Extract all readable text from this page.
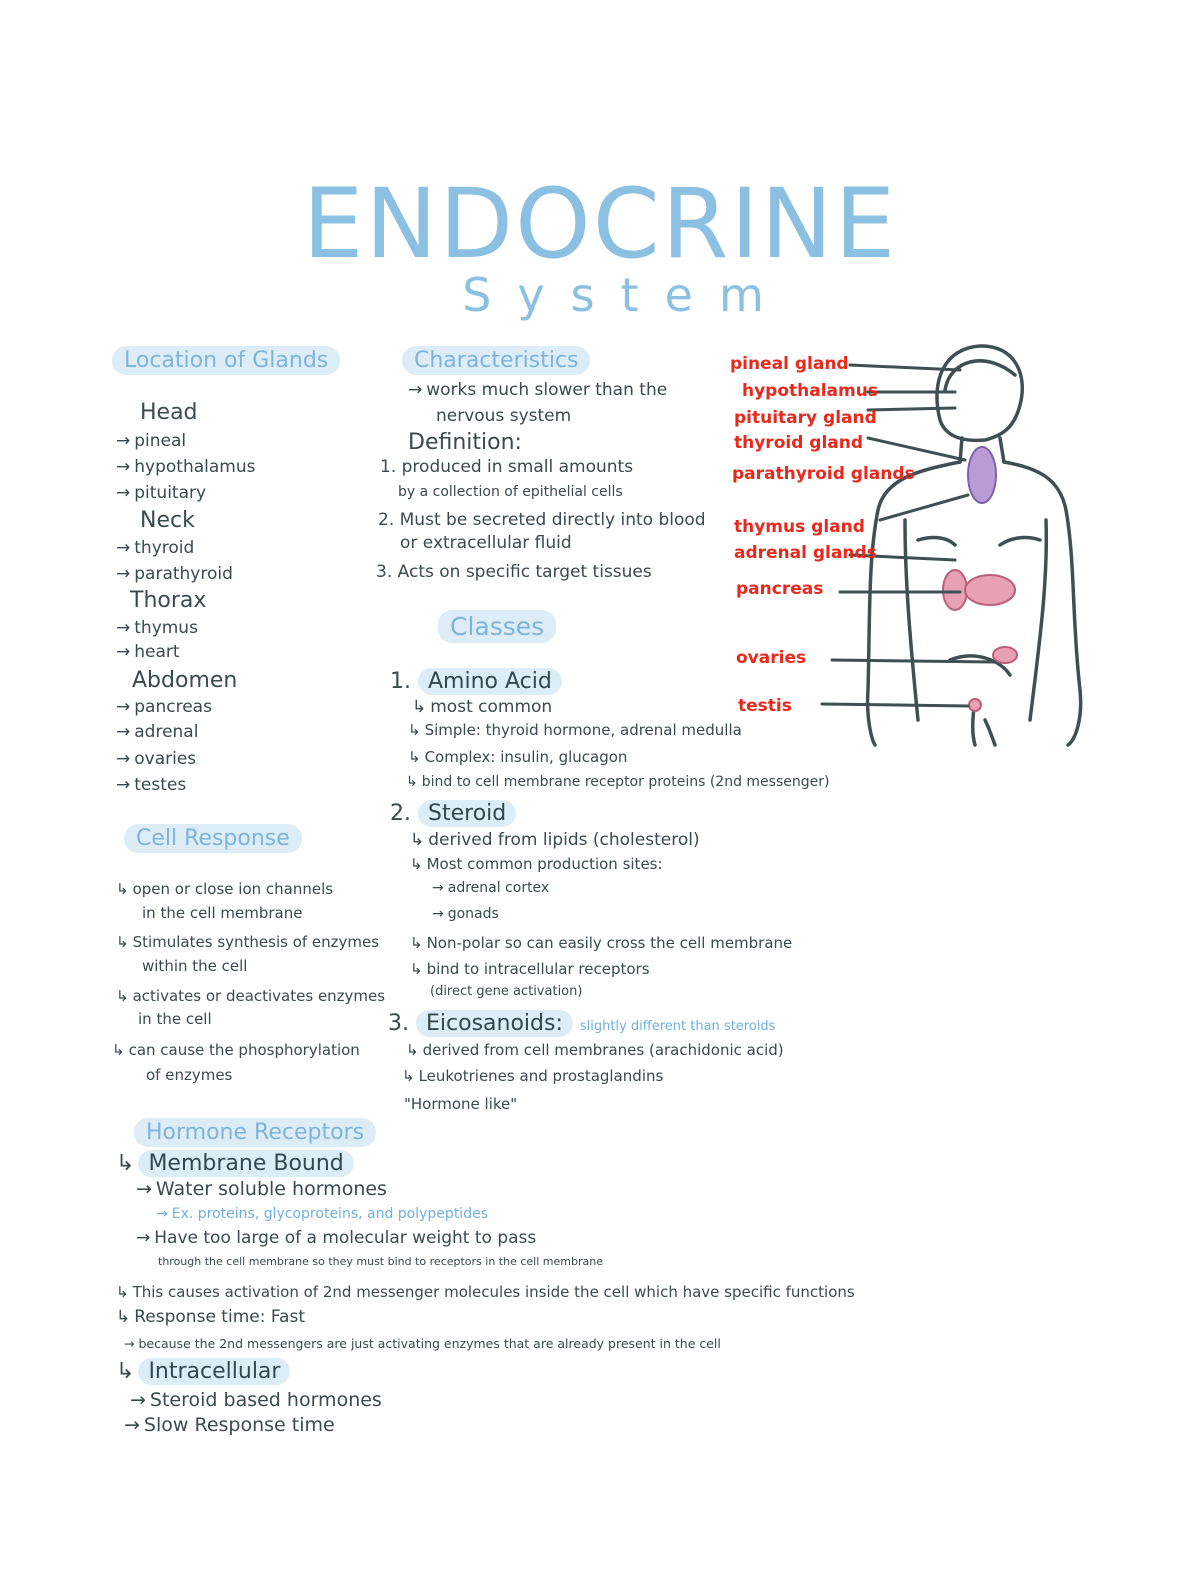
ENDOCRINE
System
Location of Glands
Head
→ pineal
→ hypothalamus
→ pituitary
Neck
→ thyroid
→ parathyroid
Thorax
→ thymus
→ heart
Abdomen
→ pancreas
→ adrenal
→ ovaries
→ testes
Cell Response
↳ open or close ion channels
in the cell membrane
↳ Stimulates synthesis of enzymes
within the cell
↳ activates or deactivates enzymes
in the cell
↳ can cause the phosphorylation
of enzymes
Characteristics
→ works much slower than the
nervous system
Definition:
1. produced in small amounts
by a collection of epithelial cells
2. Must be secreted directly into blood
or extracellular fluid
3. Acts on specific target tissues
Classes
1. Amino Acid
↳ most common
↳ Simple: thyroid hormone, adrenal medulla
↳ Complex: insulin, glucagon
↳ bind to cell membrane receptor proteins (2nd messenger)
2. Steroid
↳ derived from lipids (cholesterol)
↳ Most common production sites:
→ adrenal cortex
→ gonads
↳ Non-polar so can easily cross the cell membrane
↳ bind to intracellular receptors
(direct gene activation)
3. Eicosanoids: slightly different than steroids
↳ derived from cell membranes (arachidonic acid)
↳ Leukotrienes and prostaglandins
"Hormone like"
Hormone Receptors
↳ Membrane Bound
→ Water soluble hormones
→ Ex. proteins, glycoproteins, and polypeptides
→ Have too large of a molecular weight to pass
through the cell membrane so they must bind to receptors in the cell membrane
↳ This causes activation of 2nd messenger molecules inside the cell which have specific functions
↳ Response time: Fast
→ because the 2nd messengers are just activating enzymes that are already present in the cell
↳ Intracellular
→ Steroid based hormones
→ Slow Response time
pineal gland
hypothalamus
pituitary gland
thyroid gland
parathyroid glands
thymus gland
adrenal glands
pancreas
ovaries
testis
